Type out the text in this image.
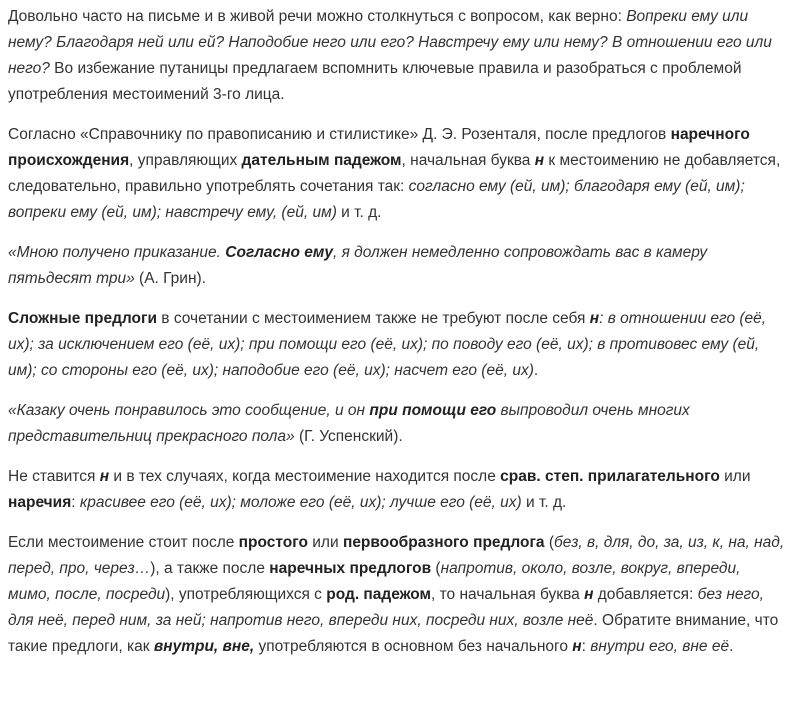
Довольно часто на письме и в живой речи можно столкнуться с вопросом, как верно: Вопреки ему или нему? Благодаря ней или ей? Наподобие него или его? Навстречу ему или нему? В отношении его или него? Во избежание путаницы предлагаем вспомнить ключевые правила и разобраться с проблемой употребления местоимений 3-го лица.

Согласно «Справочнику по правописанию и стилистике» Д. Э. Розенталя, после предлогов наречного происхождения, управляющих дательным падежом, начальная буква н к местоимению не добавляется, следовательно, правильно употреблять сочетания так: согласно ему (ей, им); благодаря ему (ей, им); вопреки ему (ей, им); навстречу ему, (ей, им) и т. д.

«Мною получено приказание. Согласно ему, я должен немедленно сопровождать вас в камеру пятьдесят три» (А. Грин).

Сложные предлоги в сочетании с местоимением также не требуют после себя н: в отношении его (её, их); за исключением его (её, их); при помощи его (её, их); по поводу его (её, их); в противовес ему (ей, им); со стороны его (её, их); наподобие его (её, их); насчет его (её, их).

«Казаку очень понравилось это сообщение, и он при помощи его выпроводил очень многих представительниц прекрасного пола» (Г. Успенский).

Не ставится н и в тех случаях, когда местоимение находится после срав. степ. прилагательного или наречия: красивее его (её, их); моложе его (её, их); лучше его (её, их) и т. д.

Если местоимение стоит после простого или первообразного предлога (без, в, для, до, за, из, к, на, над, перед, про, через…), а также после наречных предлогов (напротив, около, возле, вокруг, впереди, мимо, после, посреди), употребляющихся с род. падежом, то начальная буква н добавляется: без него, для неё, перед ним, за ней; напротив него, впереди них, посреди них, возле неё. Обратите внимание, что такие предлоги, как внутри, вне, употребляются в основном без начального н: внутри его, вне её.
